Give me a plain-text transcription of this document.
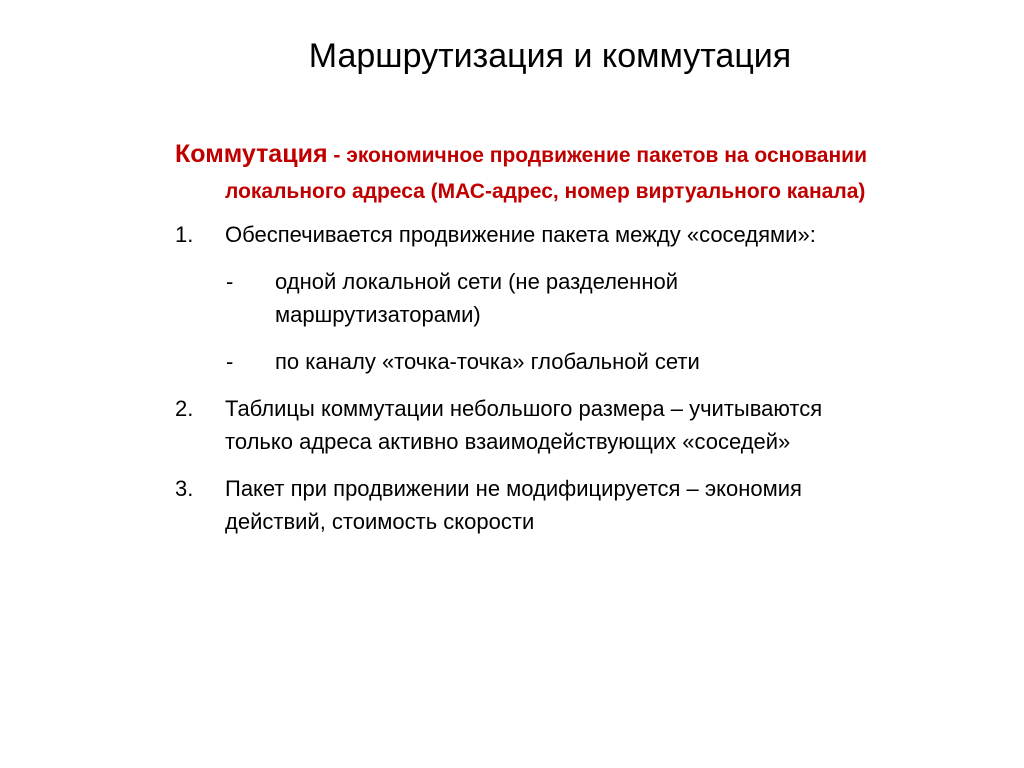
Маршрутизация и коммутация

Коммутация - экономичное продвижение пакетов на основании локального адреса (МАС-адрес, номер виртуального канала)

1. Обеспечивается продвижение пакета между «соседями»:
- одной локальной сети (не разделенной маршрутизаторами)
- по каналу «точка-точка» глобальной сети
2. Таблицы коммутации небольшого размера – учитываются только адреса активно взаимодействующих «соседей»
3. Пакет при продвижении не модифицируется – экономия действий, стоимость скорости
